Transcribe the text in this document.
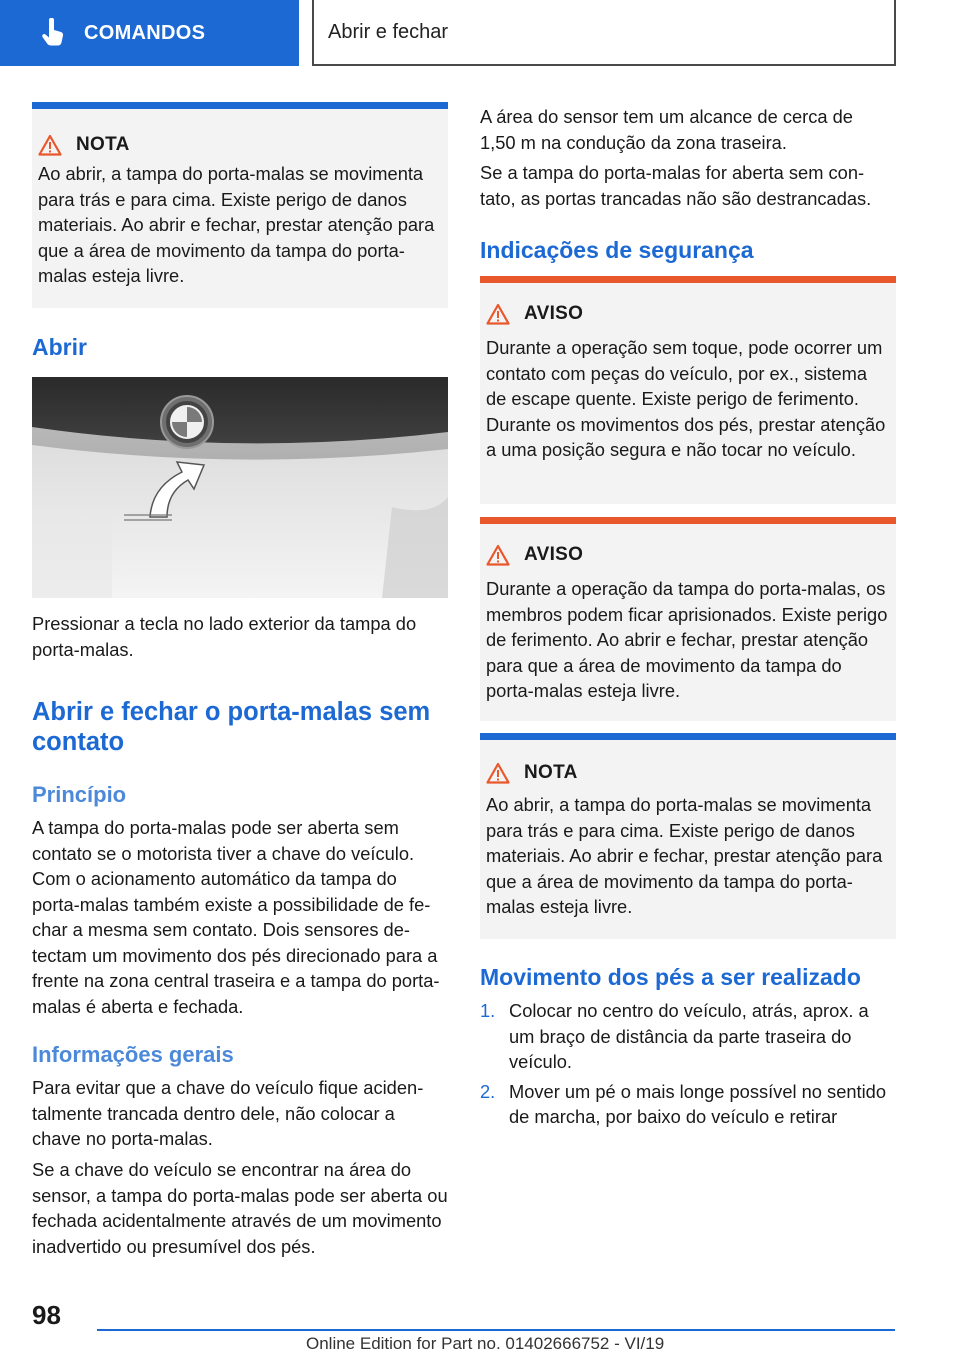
COMANDOS	Abrir e fechar
NOTA

Ao abrir, a tampa do porta-malas se movimenta para trás e para cima. Existe perigo de danos materiais. Ao abrir e fechar, prestar atenção para que a área de movimento da tampa do porta-malas esteja livre.

Abrir

Pressionar a tecla no lado exterior da tampa do porta-malas.

Abrir e fechar o porta-malas sem contato
Princípio

A tampa do porta-malas pode ser aberta sem contato se o motorista tiver a chave do veículo. Com o acionamento automático da tampa do porta-malas também existe a possibilidade de fechar a mesma sem contato. Dois sensores detectam um movimento dos pés direcionado para a frente na zona central traseira e a tampa do porta-malas é aberta e fechada.

Informações gerais

Para evitar que a chave do veículo fique acidentalmente trancada dentro dele, não colocar a chave no porta-malas.

Se a chave do veículo se encontrar na área do sensor, a tampa do porta-malas pode ser aberta ou fechada acidentalmente através de um movimento inadvertido ou presumível dos pés.

A área do sensor tem um alcance de cerca de 1,50 m na condução da zona traseira.

Se a tampa do porta-malas for aberta sem contato, as portas trancadas não são destrancadas.

Indicações de segurança
AVISO

Durante a operação sem toque, pode ocorrer um contato com peças do veículo, por ex., sistema de escape quente. Existe perigo de ferimento. Durante os movimentos dos pés, prestar atenção a uma posição segura e não tocar no veículo.

AVISO

Durante a operação da tampa do porta-malas, os membros podem ficar aprisionados. Existe perigo de ferimento. Ao abrir e fechar, prestar atenção para que a área de movimento da tampa do porta-malas esteja livre.

NOTA

Ao abrir, a tampa do porta-malas se movimenta para trás e para cima. Existe perigo de danos materiais. Ao abrir e fechar, prestar atenção para que a área de movimento da tampa do porta-malas esteja livre.

Movimento dos pés a ser realizado
1. Colocar no centro do veículo, atrás, aprox. a um braço de distância da parte traseira do veículo.
2. Mover um pé o mais longe possível no sentido de marcha, por baixo do veículo e retirar
98
Online Edition for Part no. 01402666752 - VI/19
